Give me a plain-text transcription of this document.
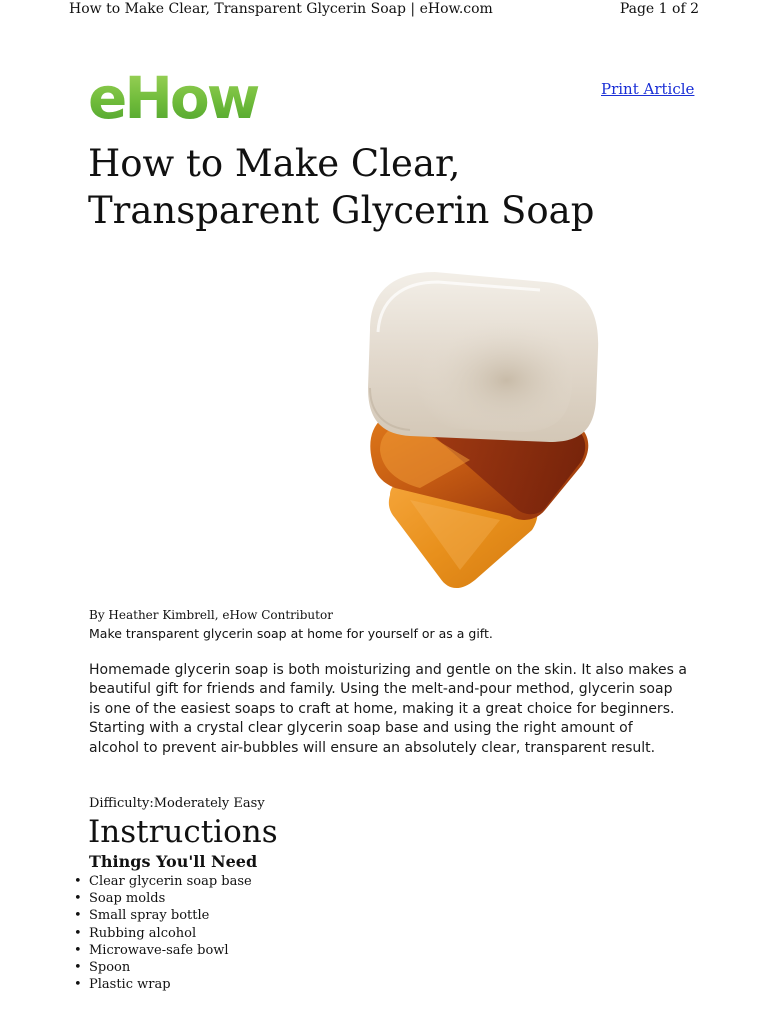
How to Make Clear, Transparent Glycerin Soap | eHow.com	Page 1 of 2
eHow	Print Article
How to Make Clear, Transparent Glycerin Soap
By Heather Kimbrell, eHow Contributor
Make transparent glycerin soap at home for yourself or as a gift.

Homemade glycerin soap is both moisturizing and gentle on the skin. It also makes a beautiful gift for friends and family. Using the melt-and-pour method, glycerin soap is one of the easiest soaps to craft at home, making it a great choice for beginners. Starting with a crystal clear glycerin soap base and using the right amount of alcohol to prevent air-bubbles will ensure an absolutely clear, transparent result.

Difficulty:Moderately Easy
Instructions
Things You'll Need
• Clear glycerin soap base
• Soap molds
• Small spray bottle
• Rubbing alcohol
• Microwave-safe bowl
• Spoon
• Plastic wrap
